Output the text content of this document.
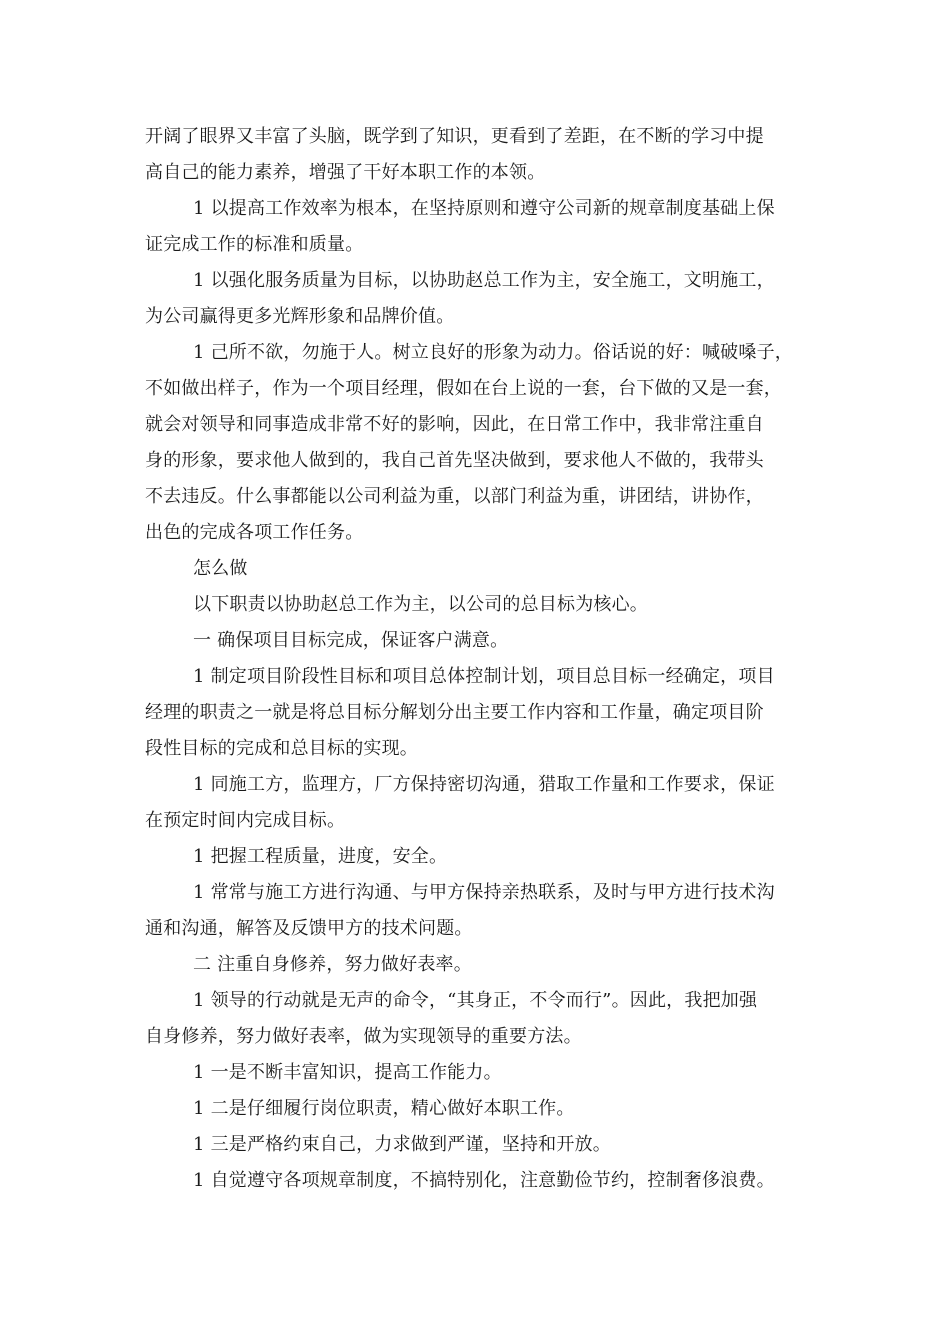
开阔了眼界又丰富了头脑，既学到了知识，更看到了差距，在不断的学习中提
高自己的能力素养，增强了干好本职工作的本领。
1 以提高工作效率为根本，在坚持原则和遵守公司新的规章制度基础上保
证完成工作的标准和质量。
1 以强化服务质量为目标，以协助赵总工作为主，安全施工，文明施工，
为公司赢得更多光辉形象和品牌价值。
1 己所不欲，勿施于人。树立良好的形象为动力。俗话说的好：喊破嗓子，
不如做出样子，作为一个项目经理，假如在台上说的一套，台下做的又是一套，
就会对领导和同事造成非常不好的影响，因此，在日常工作中，我非常注重自
身的形象，要求他人做到的，我自己首先坚决做到，要求他人不做的，我带头
不去违反。什么事都能以公司利益为重，以部门利益为重，讲团结，讲协作，
出色的完成各项工作任务。
怎么做
以下职责以协助赵总工作为主，以公司的总目标为核心。
一 确保项目目标完成，保证客户满意。
1 制定项目阶段性目标和项目总体控制计划，项目总目标一经确定，项目
经理的职责之一就是将总目标分解划分出主要工作内容和工作量，确定项目阶
段性目标的完成和总目标的实现。
1 同施工方，监理方，厂方保持密切沟通，猎取工作量和工作要求，保证
在预定时间内完成目标。
1 把握工程质量，进度，安全。
1 常常与施工方进行沟通、与甲方保持亲热联系，及时与甲方进行技术沟
通和沟通，解答及反馈甲方的技术问题。
二 注重自身修养，努力做好表率。
1 领导的行动就是无声的命令，“其身正，不令而行”。因此，我把加强
自身修养，努力做好表率，做为实现领导的重要方法。
1 一是不断丰富知识，提高工作能力。
1 二是仔细履行岗位职责，精心做好本职工作。
1 三是严格约束自己，力求做到严谨，坚持和开放。
1 自觉遵守各项规章制度，不搞特别化，注意勤俭节约，控制奢侈浪费。
